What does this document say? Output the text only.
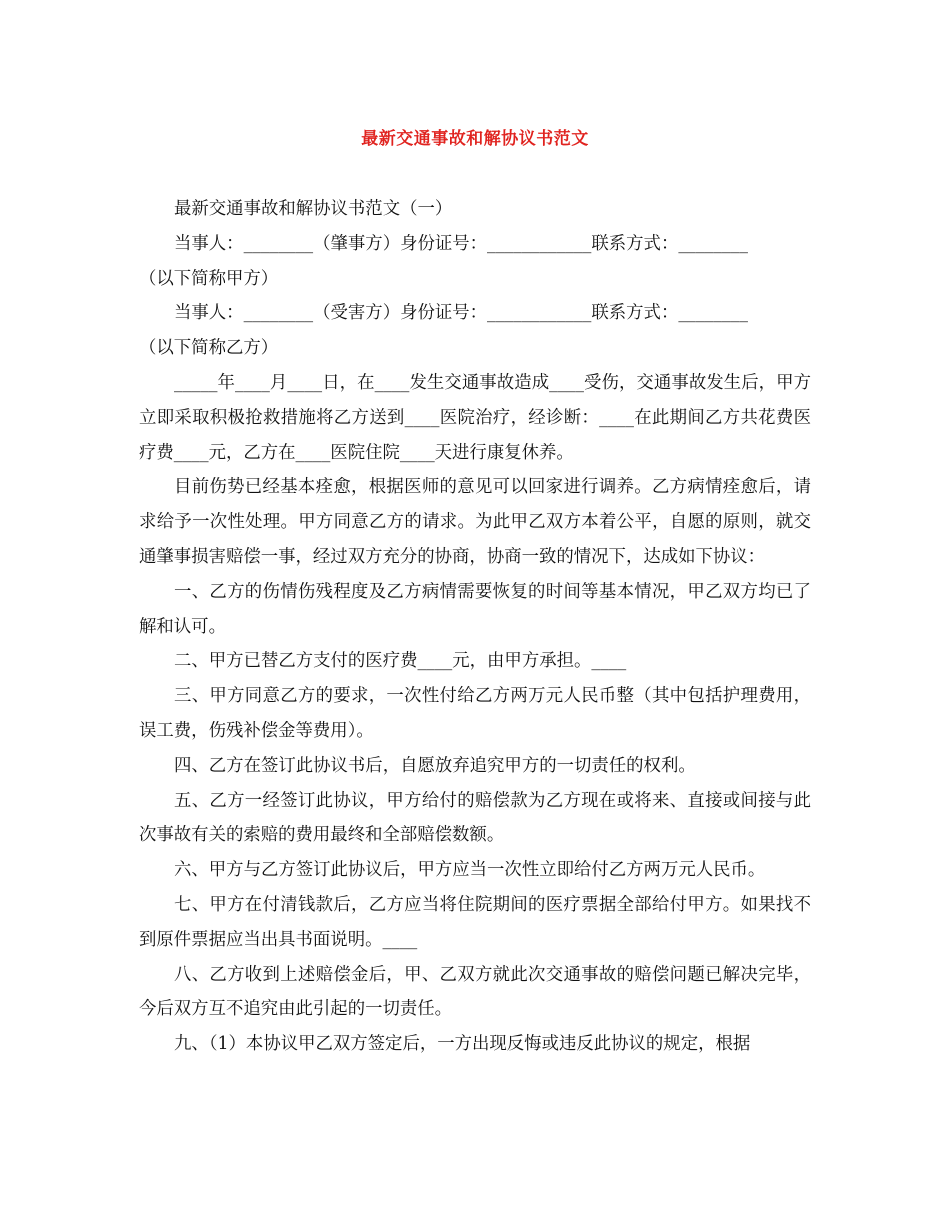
最新交通事故和解协议书范文

最新交通事故和解协议书范文（一）

当事人：________（肇事方）身份证号：____________联系方式：________

（以下简称甲方）

当事人：________（受害方）身份证号：____________联系方式：________

（以下简称乙方）

_____年____月____日，在____发生交通事故造成____受伤，交通事故发生后，甲方立即采取积极抢救措施将乙方送到____医院治疗，经诊断：____在此期间乙方共花费医疗费____元，乙方在____医院住院____天进行康复休养。

目前伤势已经基本痊愈，根据医师的意见可以回家进行调养。乙方病情痊愈后，请求给予一次性处理。甲方同意乙方的请求。为此甲乙双方本着公平，自愿的原则，就交通肇事损害赔偿一事，经过双方充分的协商，协商一致的情况下，达成如下协议：

一、乙方的伤情伤残程度及乙方病情需要恢复的时间等基本情况，甲乙双方均已了解和认可。

二、甲方已替乙方支付的医疗费____元，由甲方承担。____

三、甲方同意乙方的要求，一次性付给乙方两万元人民币整（其中包括护理费用，误工费，伤残补偿金等费用）。

四、乙方在签订此协议书后，自愿放弃追究甲方的一切责任的权利。

五、乙方一经签订此协议，甲方给付的赔偿款为乙方现在或将来、直接或间接与此次事故有关的索赔的费用最终和全部赔偿数额。

六、甲方与乙方签订此协议后，甲方应当一次性立即给付乙方两万元人民币。

七、甲方在付清钱款后，乙方应当将住院期间的医疗票据全部给付甲方。如果找不到原件票据应当出具书面说明。____

八、乙方收到上述赔偿金后，甲、乙双方就此次交通事故的赔偿问题已解决完毕，今后双方互不追究由此引起的一切责任。

九、（1）本协议甲乙双方签定后，一方出现反悔或违反此协议的规定，根据
